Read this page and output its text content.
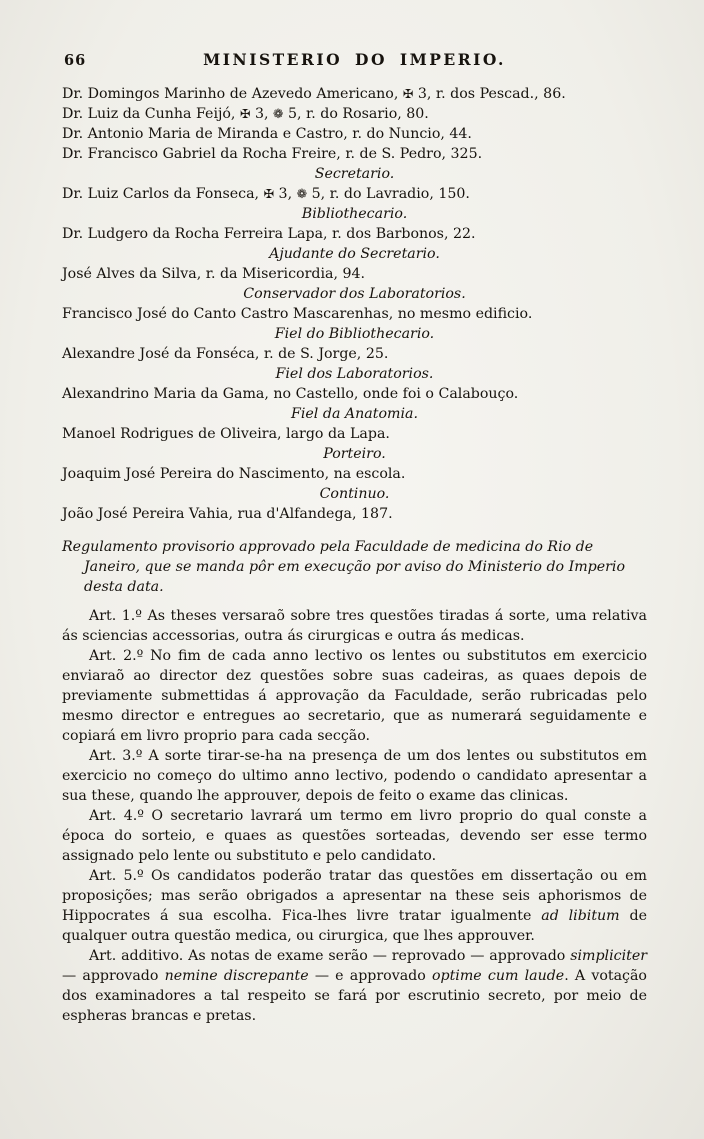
66	MINISTERIO DO IMPERIO.

Dr. Domingos Marinho de Azevedo Americano, ✠ 3, r. dos Pescad., 86.

Dr. Luiz da Cunha Feijó, ✠ 3, ❁ 5, r. do Rosario, 80.

Dr. Antonio Maria de Miranda e Castro, r. do Nuncio, 44.

Dr. Francisco Gabriel da Rocha Freire, r. de S. Pedro, 325.

Secretario.

Dr. Luiz Carlos da Fonseca, ✠ 3, ❁ 5, r. do Lavradio, 150.

Bibliothecario.

Dr. Ludgero da Rocha Ferreira Lapa, r. dos Barbonos, 22.

Ajudante do Secretario.

José Alves da Silva, r. da Misericordia, 94.

Conservador dos Laboratorios.

Francisco José do Canto Castro Mascarenhas, no mesmo edificio.

Fiel do Bibliothecario.

Alexandre José da Fonséca, r. de S. Jorge, 25.

Fiel dos Laboratorios.

Alexandrino Maria da Gama, no Castello, onde foi o Calabouço.

Fiel da Anatomia.

Manoel Rodrigues de Oliveira, largo da Lapa.

Porteiro.

Joaquim José Pereira do Nascimento, na escola.

Continuo.

João José Pereira Vahia, rua d'Alfandega, 187.

Regulamento provisorio approvado pela Faculdade de medicina do Rio de Janeiro, que se manda pôr em execução por aviso do Ministerio do Imperio desta data.

Art. 1.º As theses versaraõ sobre tres questões tiradas á sorte, uma relativa ás sciencias accessorias, outra ás cirurgicas e outra ás medicas.

Art. 2.º No fim de cada anno lectivo os lentes ou substitutos em exercicio enviaraõ ao director dez questões sobre suas cadeiras, as quaes depois de previamente submettidas á approvação da Faculdade, serão rubricadas pelo mesmo director e entregues ao secretario, que as numerará seguidamente e copiará em livro proprio para cada secção.

Art. 3.º A sorte tirar-se-ha na presença de um dos lentes ou substitutos em exercicio no começo do ultimo anno lectivo, podendo o candidato apresentar a sua these, quando lhe approuver, depois de feito o exame das clinicas.

Art. 4.º O secretario lavrará um termo em livro proprio do qual conste a época do sorteio, e quaes as questões sorteadas, devendo ser esse termo assignado pelo lente ou substituto e pelo candidato.

Art. 5.º Os candidatos poderão tratar das questões em dissertação ou em proposições; mas serão obrigados a apresentar na these seis aphorismos de Hippocrates á sua escolha. Fica-lhes livre tratar igualmente ad libitum de qualquer outra questão medica, ou cirurgica, que lhes approuver.

Art. additivo. As notas de exame serão — reprovado — approvado simpliciter — approvado nemine discrepante — e approvado optime cum laude. A votação dos examinadores a tal respeito se fará por escrutinio secreto, por meio de espheras brancas e pretas.
